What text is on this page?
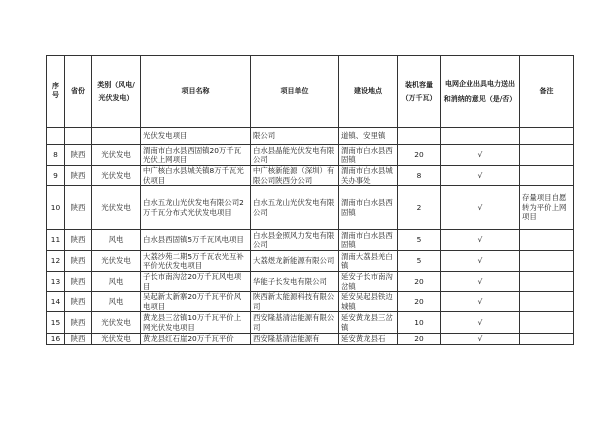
序号	省份	类别（风电/光伏发电）	项目名称	项目单位	建设地点	装机容量（万千瓦）	电网企业出具电力送出和消纳的意见（是/否）	备注
			光伏发电项目	限公司	道镇、安里镇			
8	陕西	光伏发电	渭南市白水县西固镇20万千瓦光伏上网项目	白水县晶能光伏发电有限公司	渭南市白水县西固镇	20	√	
9	陕西	光伏发电	中广核白水县城关镇8万千瓦光伏项目	中广核新能源（深圳）有限公司陕西分公司	渭南市白水县城关办事处	8	√	
10	陕西	光伏发电	白水五龙山光伏发电有限公司2万千瓦分布式光伏发电项目	白水五龙山光伏发电有限公司	渭南市白水县西固镇	2	√	存量项目自愿转为平价上网项目
11	陕西	风电	白水县西固镇5万千瓦风电项目	白水县金照风力发电有限公司	渭南市白水县西固镇	5	√	
12	陕西	光伏发电	大荔沙苑二期5万千瓦农光互补平价光伏发电项目	大荔煜龙新能源有限公司	渭南大荔县羌白镇	5	√	
13	陕西	风电	子长市南沟岔20万千瓦风电项目	华能子长发电有限公司	延安子长市南沟岔镇	20	√	
14	陕西	风电	吴起新太新寨20万千瓦平价风电项目	陕西新太能源科技有限公司	延安吴起县铁边城镇	20	√	
15	陕西	光伏发电	黄龙县三岔镇10万千瓦平价上网光伏发电项目	西安隆基清洁能源有限公司	延安黄龙县三岔镇	10	√	
16	陕西	光伏发电	黄龙县红石崖20万千瓦平价	西安隆基清洁能源有	延安黄龙县石	20	√	
